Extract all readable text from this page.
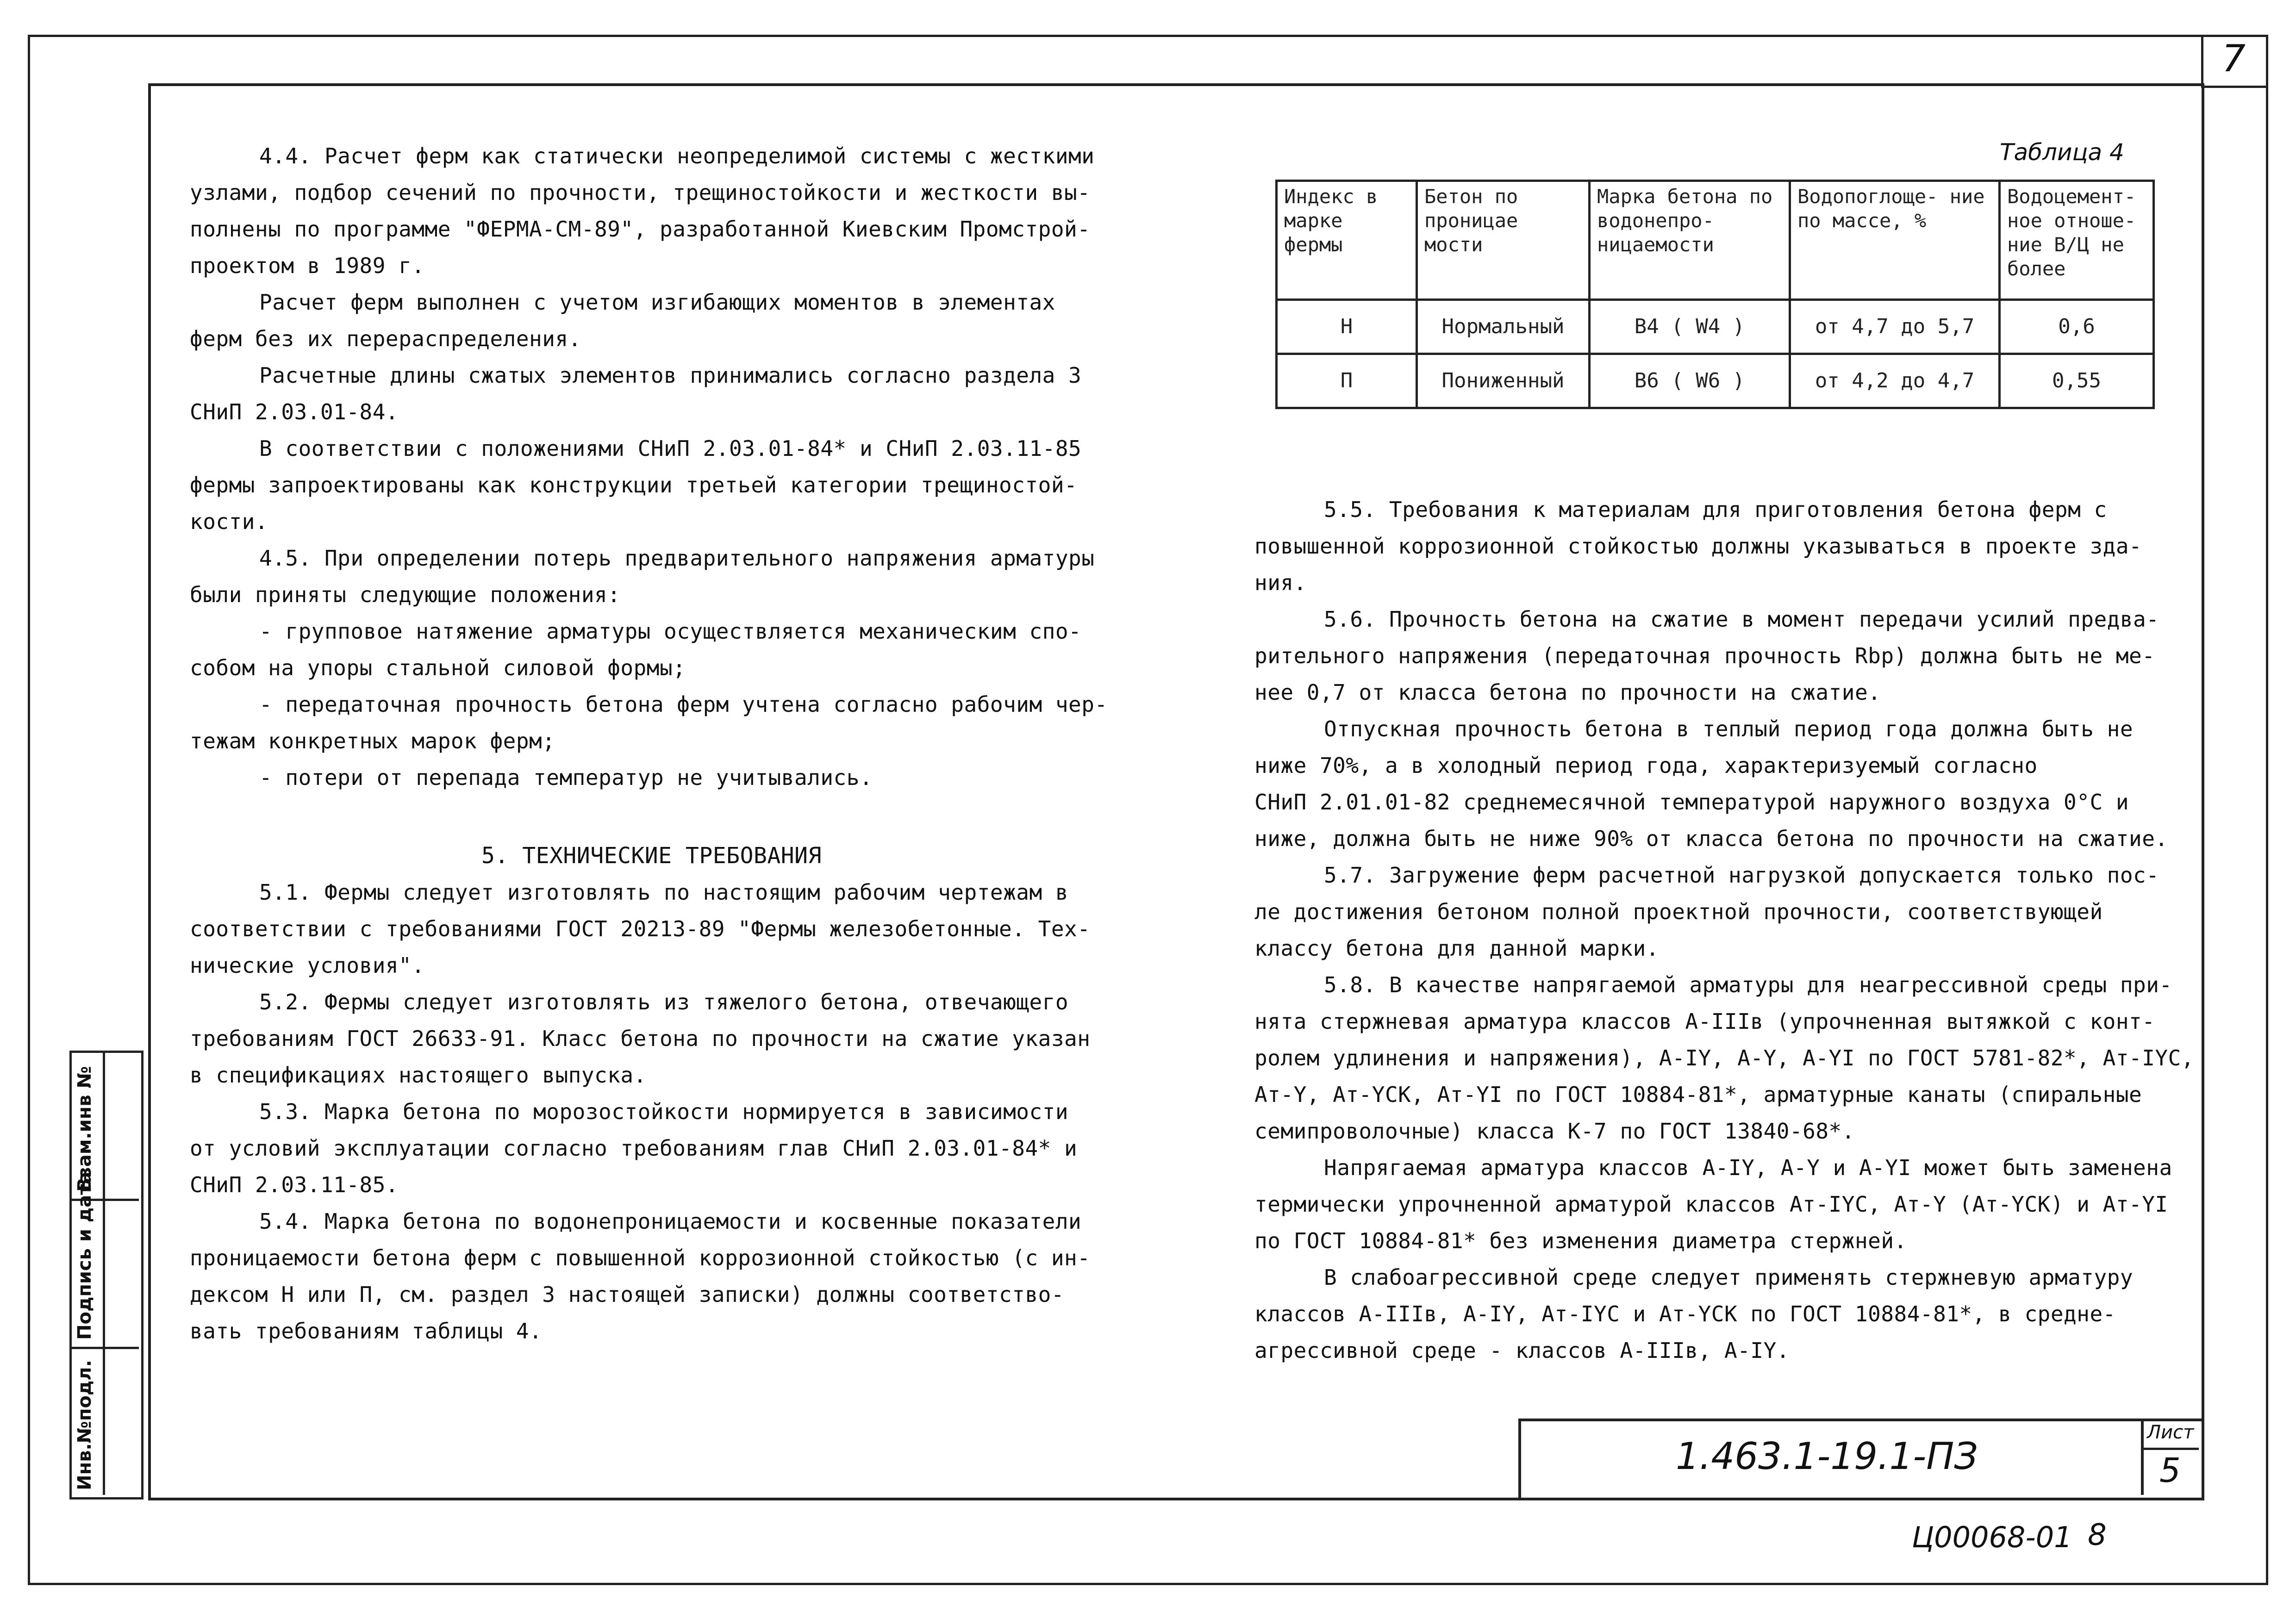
7
Взам.инв №
Подпись и дата
Инв.№подл.

4.4. Расчет ферм как статически неопределимой системы с жесткими

узлами, подбор сечений по прочности, трещиностойкости и жесткости вы-

полнены по программе "ФЕРМА-СМ-89", разработанной Киевским Промстрой-

проектом в 1989 г.

Расчет ферм выполнен с учетом изгибающих моментов в элементах

ферм без их перераспределения.

Расчетные длины сжатых элементов принимались согласно раздела 3

СНиП 2.03.01-84.

В соответствии с положениями СНиП 2.03.01-84* и СНиП 2.03.11-85

фермы запроектированы как конструкции третьей категории трещиностой-

кости.

4.5. При определении потерь предварительного напряжения арматуры

были приняты следующие положения:

- групповое натяжение арматуры осуществляется механическим спо-

собом на упоры стальной силовой формы;

- передаточная прочность бетона ферм учтена согласно рабочим чер-

тежам конкретных марок ферм;

- потери от перепада температур не учитывались.

5. ТЕХНИЧЕСКИЕ ТРЕБОВАНИЯ

5.1. Фермы следует изготовлять по настоящим рабочим чертежам в

соответствии с требованиями ГОСТ 20213-89 "Фермы железобетонные. Тех-

нические условия".

5.2. Фермы следует изготовлять из тяжелого бетона, отвечающего

требованиям ГОСТ 26633-91. Класс бетона по прочности на сжатие указан

в спецификациях настоящего выпуска.

5.3. Марка бетона по морозостойкости нормируется в зависимости

от условий эксплуатации согласно требованиям глав СНиП 2.03.01-84* и

СНиП 2.03.11-85.

5.4. Марка бетона по водонепроницаемости и косвенные показатели

проницаемости бетона ферм с повышенной коррозионной стойкостью (с ин-

дексом Н или П, см. раздел 3 настоящей записки) должны соответство-

вать требованиям таблицы 4.

Таблица 4
Индекс в марке фермы	Бетон по проницае мости	Марка бетона по водонепро- ницаемости	Водопоглоще- ние по массе, %	Водоцемент- ное отноше- ние В/Ц не более
Н	Нормальный	В4 ( W4 )	от 4,7 до 5,7	0,6
П	Пониженный	В6 ( W6 )	от 4,2 до 4,7	0,55

5.5. Требования к материалам для приготовления бетона ферм с

повышенной коррозионной стойкостью должны указываться в проекте зда-

ния.

5.6. Прочность бетона на сжатие в момент передачи усилий предва-

рительного напряжения (передаточная прочность Rbp) должна быть не ме-

нее 0,7 от класса бетона по прочности на сжатие.

Отпускная прочность бетона в теплый период года должна быть не

ниже 70%, а в холодный период года, характеризуемый согласно

СНиП 2.01.01-82 среднемесячной температурой наружного воздуха 0°С и

ниже, должна быть не ниже 90% от класса бетона по прочности на сжатие.

5.7. Загружение ферм расчетной нагрузкой допускается только пос-

ле достижения бетоном полной проектной прочности, соответствующей

классу бетона для данной марки.

5.8. В качестве напрягаемой арматуры для неагрессивной среды при-

нята стержневая арматура классов А-IIIв (упрочненная вытяжкой с конт-

ролем удлинения и напряжения), А-IY, А-Y, А-YI по ГОСТ 5781-82*, Ат-IYС,

Ат-Y, Ат-YСК, Ат-YI по ГОСТ 10884-81*, арматурные канаты (спиральные

семипроволочные) класса К-7 по ГОСТ 13840-68*.

Напрягаемая арматура классов А-IY, А-Y и А-YI может быть заменена

термически упрочненной арматурой классов Ат-IYС, Ат-Y (Ат-YСК) и Ат-YI

по ГОСТ 10884-81* без изменения диаметра стержней.

В слабоагрессивной среде следует применять стержневую арматуру

классов А-IIIв, А-IY, Ат-IYС и Ат-YСК по ГОСТ 10884-81*, в средне-

агрессивной среде - классов А-IIIв, А-IY.

1.463.1-19.1-ПЗ
Лист
5
Ц00068-01 8
